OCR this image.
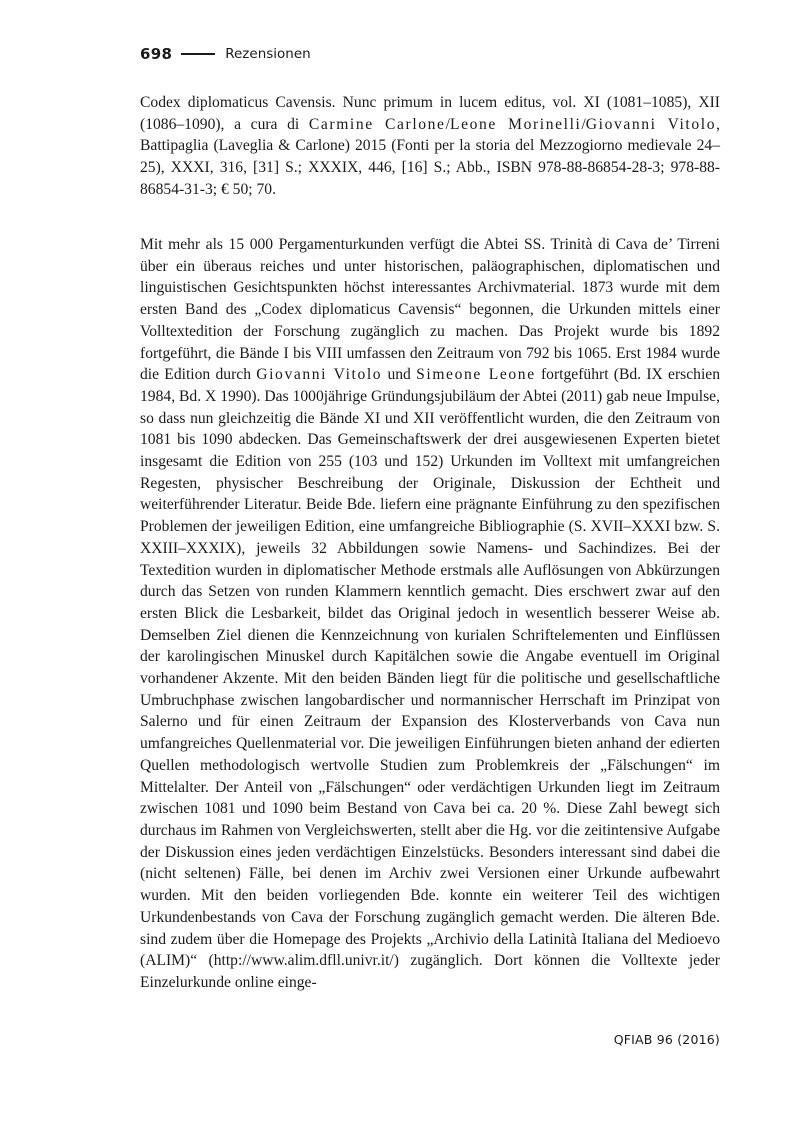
698	Rezensionen

Codex diplomaticus Cavensis. Nunc primum in lucem editus, vol. XI (1081–1085), XII (1086–1090), a cura di Carmine Carlone/Leone Morinelli/Giovanni Vitolo, Battipaglia (Laveglia & Carlone) 2015 (Fonti per la storia del Mezzogiorno medievale 24–25), XXXI, 316, [31] S.; XXXIX, 446, [16] S.; Abb., ISBN 978-88-86854-28-3; 978-88-86854-31-3; € 50; 70.

Mit mehr als 15 000 Pergamenturkunden verfügt die Abtei SS. Trinità di Cava de’ Tirreni über ein überaus reiches und unter historischen, paläographischen, diplomatischen und linguistischen Gesichtspunkten höchst interessantes Archivmaterial. 1873 wurde mit dem ersten Band des „Codex diplomaticus Cavensis“ begonnen, die Urkunden mittels einer Volltextedition der Forschung zugänglich zu machen. Das Projekt wurde bis 1892 fortgeführt, die Bände I bis VIII umfassen den Zeitraum von 792 bis 1065. Erst 1984 wurde die Edition durch Giovanni Vitolo und Simeone Leone fortgeführt (Bd. IX erschien 1984, Bd. X 1990). Das 1000jährige Gründungsjubiläum der Abtei (2011) gab neue Impulse, so dass nun gleichzeitig die Bände XI und XII veröffentlicht wurden, die den Zeitraum von 1081 bis 1090 abdecken. Das Gemeinschaftswerk der drei ausgewiesenen Experten bietet insgesamt die Edition von 255 (103 und 152) Urkunden im Volltext mit umfangreichen Regesten, physischer Beschreibung der Originale, Diskussion der Echtheit und weiterführender Literatur. Beide Bde. liefern eine prägnante Einführung zu den spezifischen Problemen der jeweiligen Edition, eine umfangreiche Bibliographie (S. XVII–XXXI bzw. S. XXIII–XXXIX), jeweils 32 Abbildungen sowie Namens- und Sachindizes. Bei der Textedition wurden in diplomatischer Methode erstmals alle Auflösungen von Abkürzungen durch das Setzen von runden Klammern kenntlich gemacht. Dies erschwert zwar auf den ersten Blick die Lesbarkeit, bildet das Original jedoch in wesentlich besserer Weise ab. Demselben Ziel dienen die Kennzeichnung von kurialen Schriftelementen und Einflüssen der karolingischen Minuskel durch Kapitälchen sowie die Angabe eventuell im Original vorhandener Akzente. Mit den beiden Bänden liegt für die politische und gesellschaftliche Umbruchphase zwischen langobardischer und normannischer Herrschaft im Prinzipat von Salerno und für einen Zeitraum der Expansion des Klosterverbands von Cava nun umfangreiches Quellenmaterial vor. Die jeweiligen Einführungen bieten anhand der edierten Quellen methodologisch wertvolle Studien zum Problemkreis der „Fälschungen“ im Mittelalter. Der Anteil von „Fälschungen“ oder verdächtigen Urkunden liegt im Zeitraum zwischen 1081 und 1090 beim Bestand von Cava bei ca. 20 %. Diese Zahl bewegt sich durchaus im Rahmen von Vergleichswerten, stellt aber die Hg. vor die zeitintensive Aufgabe der Diskussion eines jeden verdächtigen Einzelstücks. Besonders interessant sind dabei die (nicht seltenen) Fälle, bei denen im Archiv zwei Versionen einer Urkunde aufbewahrt wurden. Mit den beiden vorliegenden Bde. konnte ein weiterer Teil des wichtigen Urkundenbestands von Cava der Forschung zugänglich gemacht werden. Die älteren Bde. sind zudem über die Homepage des Projekts „Archivio della Latinità Italiana del Medioevo (ALIM)“ (http://www.alim.dfll.​univr.it/) zugänglich. Dort können die Volltexte jeder Einzelurkunde online einge-

QFIAB 96 (2016)
